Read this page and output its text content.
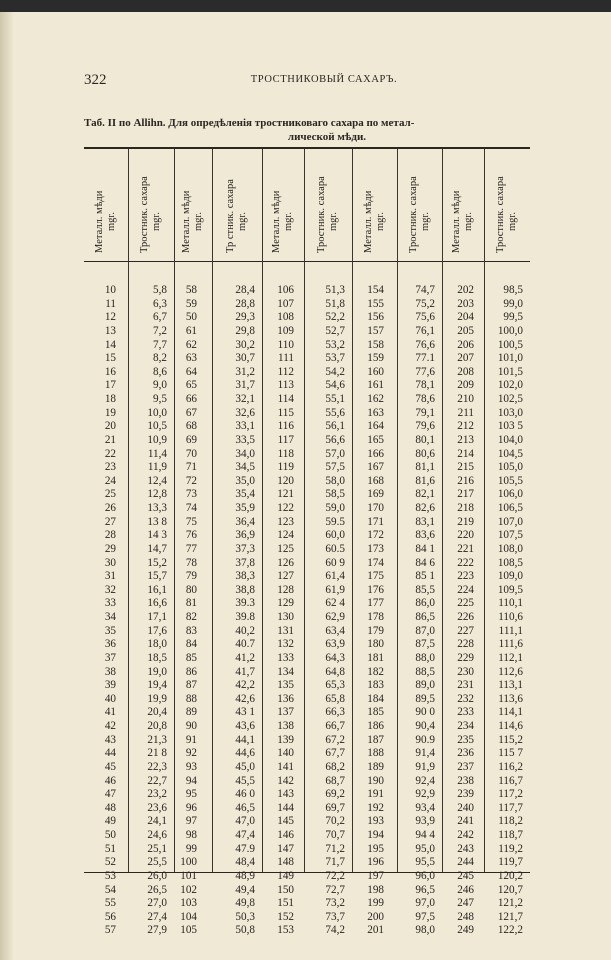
322	ТРОСТНИКОВЫЙ САХАРЪ.
Таб. II по Allihn. Для опредѣленія тростниковаго сахара по метал-
лической мѣди.
Металл. мѣди mgr.
10
11
12
13
14
15
16
17
18
19
20
21
22
23
24
25
26
27
28
29
30
31
32
33
34
35
36
37
38
39
40
41
42
43
44
45
46
47
48
49
50
51
52
53
54
55
56
57
Тростник. сахара mgr.
5,8
6,3
6,7
7,2
7,7
8,2
8,6
9,0
9,5
10,0
10,5
10,9
11,4
11,9
12,4
12,8
13,3
13 8
14 3
14,7
15,2
15,7
16,1
16,6
17,1
17,6
18,0
18,5
19,0
19,4
19,9
20,4
20,8
21,3
21 8
22,3
22,7
23,2
23,6
24,1
24,6
25,1
25,5
26,0
26,5
27,0
27,4
27,9
Металл. мѣди mgr.
58
59
50
61
62
63
64
65
66
67
68
69
70
71
72
73
74
75
76
77
78
79
80
81
82
83
84
85
86
87
88
89
90
91
92
93
94
95
96
97
98
99
100
101
102
103
104
105
Тр стник. сахара mgr.
28,4
28,8
29,3
29,8
30,2
30,7
31,2
31,7
32,1
32,6
33,1
33,5
34,0
34,5
35,0
35,4
35,9
36,4
36,9
37,3
37,8
38,3
38,8
39.3
39.8
40,2
40.7
41,2
41,7
42,2
42,6
43 1
43,6
44,1
44,6
45,0
45,5
46 0
46,5
47,0
47,4
47.9
48,4
48,9
49,4
49,8
50,3
50,8
Металл. мѣди mgr.
106
107
108
109
110
111
112
113
114
115
116
117
118
119
120
121
122
123
124
125
126
127
128
129
130
131
132
133
134
135
136
137
138
139
140
141
142
143
144
145
146
147
148
149
150
151
152
153
Тростник. сахара mgr.
51,3
51,8
52,2
52,7
53,2
53,7
54,2
54,6
55,1
55,6
56,1
56,6
57,0
57,5
58,0
58,5
59,0
59.5
60,0
60.5
60 9
61,4
61,9
62 4
62,9
63,4
63,9
64,3
64,8
65,3
65,8
66,3
66,7
67,2
67,7
68,2
68,7
69,2
69,7
70,2
70,7
71,2
71,7
72,2
72,7
73,2
73,7
74,2
Металл. мѣди mgr.
154
155
156
157
158
159
160
161
162
163
164
165
166
167
168
169
170
171
172
173
174
175
176
177
178
179
180
181
182
183
184
185
186
187
188
189
190
191
192
193
194
195
196
197
198
199
200
201
Тростник. сахара mgr.
74,7
75,2
75,6
76,1
76,6
77.1
77,6
78,1
78,6
79,1
79,6
80,1
80,6
81,1
81,6
82,1
82,6
83,1
83,6
84 1
84 6
85 1
85,5
86,0
86,5
87,0
87,5
88,0
88,5
89,0
89,5
90 0
90,4
90.9
91,4
91,9
92,4
92,9
93,4
93,9
94 4
95,0
95,5
96,0
96,5
97,0
97,5
98,0
Металл. мѣди mgr.
202
203
204
205
206
207
208
209
210
211
212
213
214
215
216
217
218
219
220
221
222
223
224
225
226
227
228
229
230
231
232
233
234
235
236
237
238
239
240
241
242
243
244
245
246
247
248
249
Тростник. сахара mgr.
98,5
99,0
99,5
100,0
100,5
101,0
101,5
102,0
102,5
103,0
103 5
104,0
104,5
105,0
105,5
106,0
106,5
107,0
107,5
108,0
108,5
109,0
109,5
110,1
110,6
111,1
111,6
112,1
112,6
113,1
113,6
114,1
114,6
115,2
115 7
116,2
116,7
117,2
117,7
118,2
118,7
119,2
119,7
120,2
120,7
121,2
121,7
122,2
